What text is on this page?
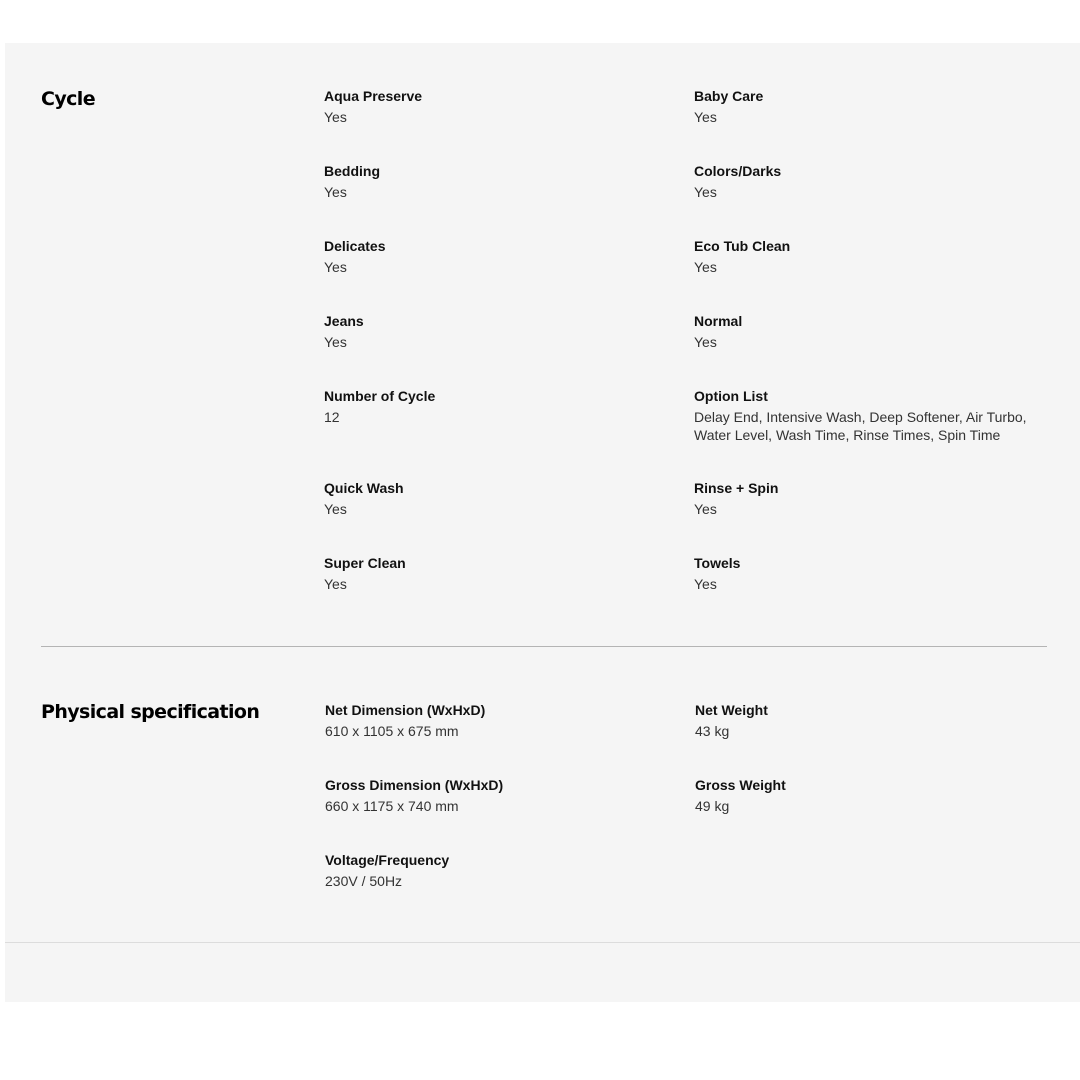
Cycle	Aqua Preserve
Yes
Baby Care
Yes
Bedding
Yes
Colors/Darks
Yes
Delicates
Yes
Eco Tub Clean
Yes
Jeans
Yes
Normal
Yes
Number of Cycle
12
Option List
Delay End, Intensive Wash, Deep Softener, Air Turbo, Water Level, Wash Time, Rinse Times, Spin Time
Quick Wash
Yes
Rinse + Spin
Yes
Super Clean
Yes
Towels
Yes
Physical specification	Net Dimension (WxHxD)
610 x 1105 x 675 mm
Net Weight
43 kg
Gross Dimension (WxHxD)
660 x 1175 x 740 mm
Gross Weight
49 kg
Voltage/Frequency
230V / 50Hz
